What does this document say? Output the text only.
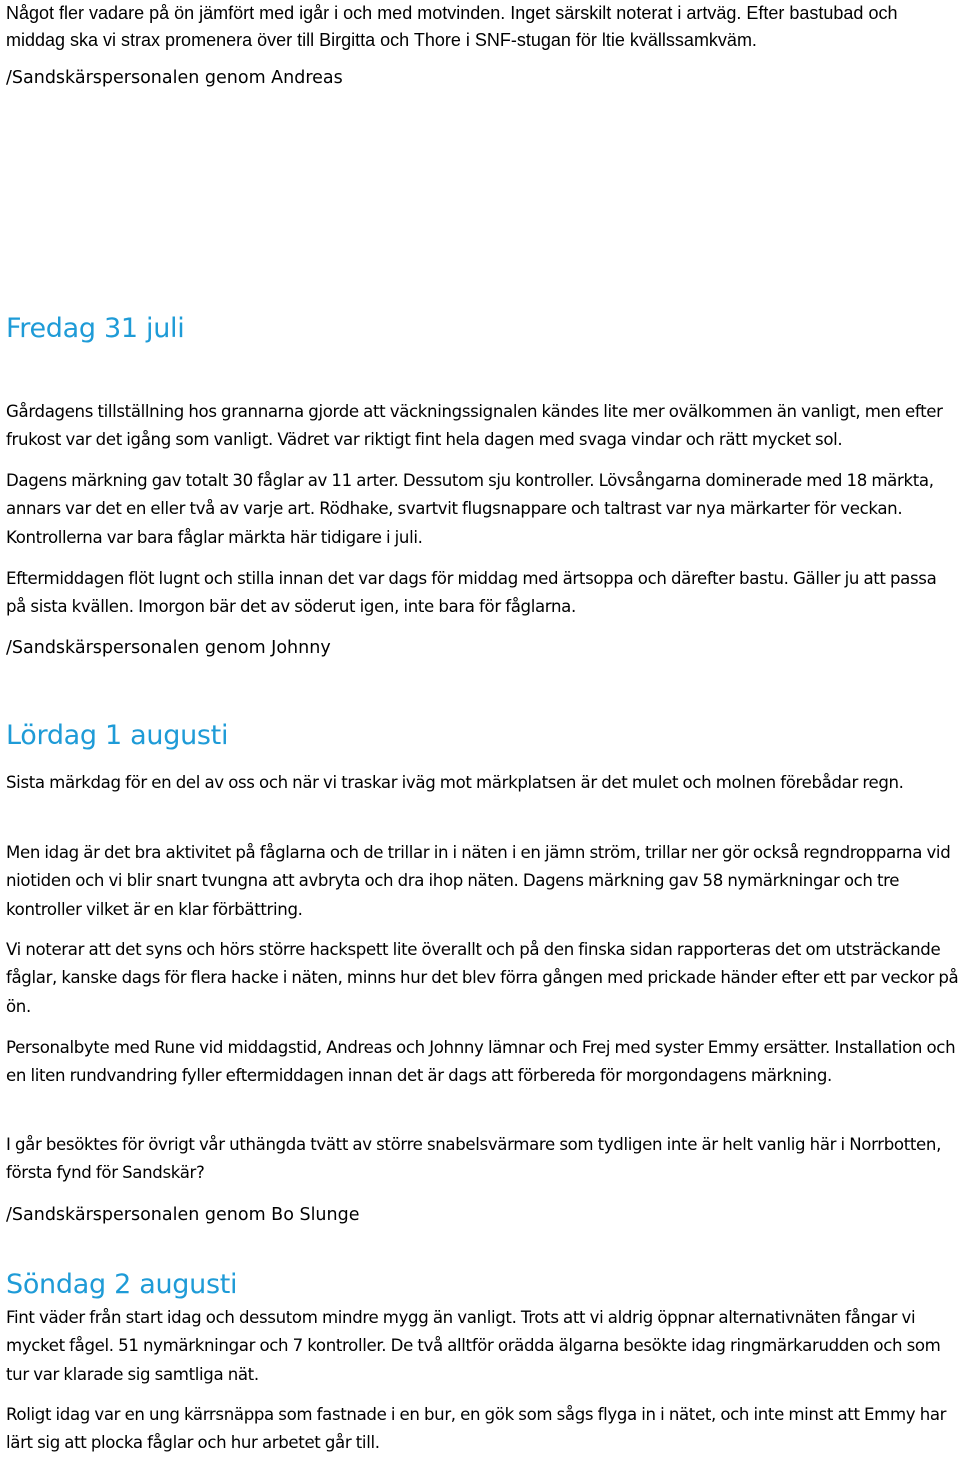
Något fler vadare på ön jämfört med igår i och med motvinden. Inget särskilt noterat i artväg. Efter bastubad och middag ska vi strax promenera över till Birgitta och Thore i SNF-stugan för ltie kvällssamkväm.

/Sandskärspersonalen genom Andreas

Fredag 31 juli

Gårdagens tillställning hos grannarna gjorde att väckningssignalen kändes lite mer ovälkommen än vanligt, men efter frukost var det igång som vanligt. Vädret var riktigt fint hela dagen med svaga vindar och rätt mycket sol.

Dagens märkning gav totalt 30 fåglar av 11 arter. Dessutom sju kontroller. Lövsångarna dominerade med 18 märkta, annars var det en eller två av varje art. Rödhake, svartvit flugsnappare och taltrast var nya märkarter för veckan. Kontrollerna var bara fåglar märkta här tidigare i juli.

Eftermiddagen flöt lugnt och stilla innan det var dags för middag med ärtsoppa och därefter bastu. Gäller ju att passa på sista kvällen. Imorgon bär det av söderut igen, inte bara för fåglarna.

/Sandskärspersonalen genom Johnny

Lördag 1 augusti

Sista märkdag för en del av oss och när vi traskar iväg mot märkplatsen är det mulet och molnen förebådar regn.

Men idag är det bra aktivitet på fåglarna och de trillar in i näten i en jämn ström, trillar ner gör också regndropparna vid niotiden och vi blir snart tvungna att avbryta och dra ihop näten. Dagens märkning gav 58 nymärkningar och tre kontroller vilket är en klar förbättring.

Vi noterar att det syns och hörs större hackspett lite överallt och på den finska sidan rapporteras det om utsträckande fåglar, kanske dags för flera hacke i näten, minns hur det blev förra gången med prickade händer efter ett par veckor på ön.

Personalbyte med Rune vid middagstid, Andreas och Johnny lämnar och Frej med syster Emmy ersätter. Installation och en liten rundvandring fyller eftermiddagen innan det är dags att förbereda för morgondagens märkning.

I går besöktes för övrigt vår uthängda tvätt av större snabelsvärmare som tydligen inte är helt vanlig här i Norrbotten, första fynd för Sandskär?

/Sandskärspersonalen genom Bo Slunge

Söndag 2 augusti

Fint väder från start idag och dessutom mindre mygg än vanligt. Trots att vi aldrig öppnar alternativnäten fångar vi mycket fågel. 51 nymärkningar och 7 kontroller. De två alltför orädda älgarna besökte idag ringmärkarudden och som tur var klarade sig samtliga nät.

Roligt idag var en ung kärrsnäppa som fastnade i en bur, en gök som sågs flyga in i nätet, och inte minst att Emmy har lärt sig att plocka fåglar och hur arbetet går till.
